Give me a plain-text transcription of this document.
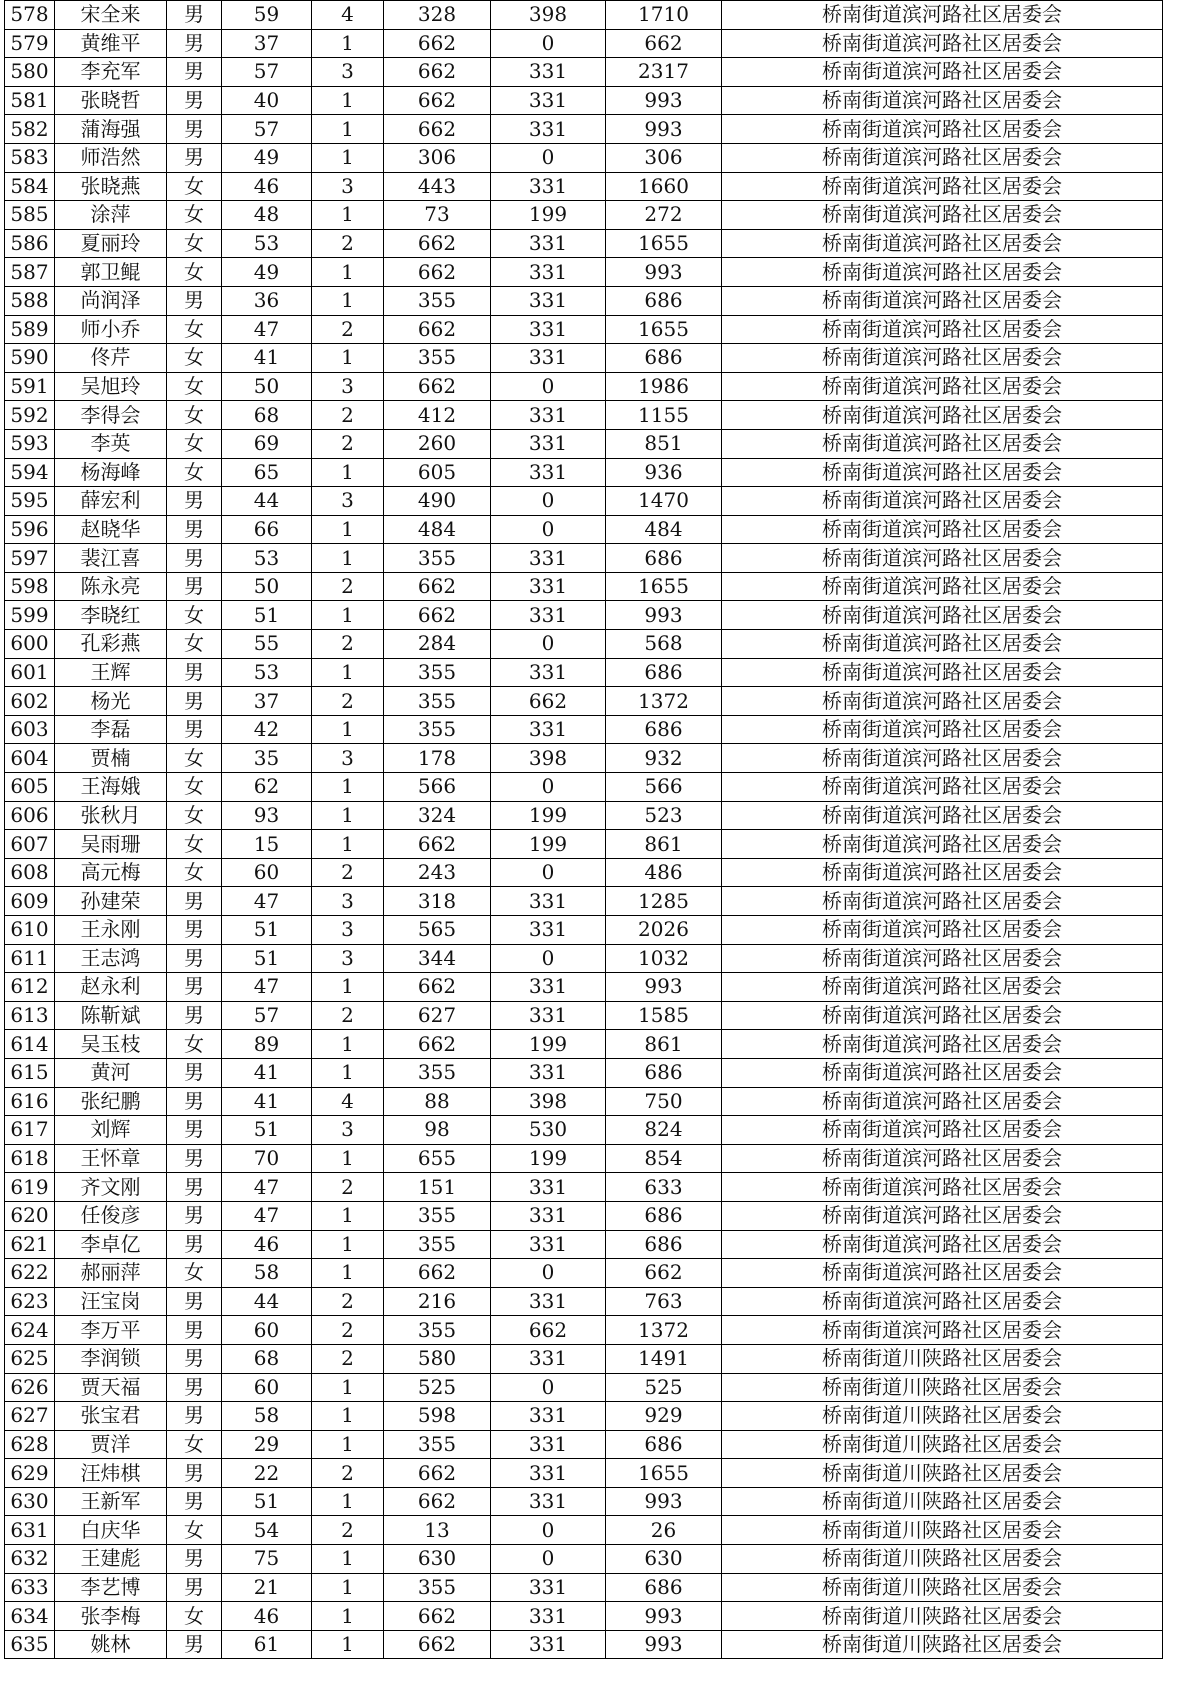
578	宋全来	男	59	4	328	398	1710	桥南街道滨河路社区居委会
579	黄维平	男	37	1	662	0	662	桥南街道滨河路社区居委会
580	李充军	男	57	3	662	331	2317	桥南街道滨河路社区居委会
581	张晓哲	男	40	1	662	331	993	桥南街道滨河路社区居委会
582	蒲海强	男	57	1	662	331	993	桥南街道滨河路社区居委会
583	师浩然	男	49	1	306	0	306	桥南街道滨河路社区居委会
584	张晓燕	女	46	3	443	331	1660	桥南街道滨河路社区居委会
585	涂萍	女	48	1	73	199	272	桥南街道滨河路社区居委会
586	夏丽玲	女	53	2	662	331	1655	桥南街道滨河路社区居委会
587	郭卫鲲	女	49	1	662	331	993	桥南街道滨河路社区居委会
588	尚润泽	男	36	1	355	331	686	桥南街道滨河路社区居委会
589	师小乔	女	47	2	662	331	1655	桥南街道滨河路社区居委会
590	佟芹	女	41	1	355	331	686	桥南街道滨河路社区居委会
591	吴旭玲	女	50	3	662	0	1986	桥南街道滨河路社区居委会
592	李得会	女	68	2	412	331	1155	桥南街道滨河路社区居委会
593	李英	女	69	2	260	331	851	桥南街道滨河路社区居委会
594	杨海峰	女	65	1	605	331	936	桥南街道滨河路社区居委会
595	薛宏利	男	44	3	490	0	1470	桥南街道滨河路社区居委会
596	赵晓华	男	66	1	484	0	484	桥南街道滨河路社区居委会
597	裴江喜	男	53	1	355	331	686	桥南街道滨河路社区居委会
598	陈永亮	男	50	2	662	331	1655	桥南街道滨河路社区居委会
599	李晓红	女	51	1	662	331	993	桥南街道滨河路社区居委会
600	孔彩燕	女	55	2	284	0	568	桥南街道滨河路社区居委会
601	王辉	男	53	1	355	331	686	桥南街道滨河路社区居委会
602	杨光	男	37	2	355	662	1372	桥南街道滨河路社区居委会
603	李磊	男	42	1	355	331	686	桥南街道滨河路社区居委会
604	贾楠	女	35	3	178	398	932	桥南街道滨河路社区居委会
605	王海娥	女	62	1	566	0	566	桥南街道滨河路社区居委会
606	张秋月	女	93	1	324	199	523	桥南街道滨河路社区居委会
607	吴雨珊	女	15	1	662	199	861	桥南街道滨河路社区居委会
608	高元梅	女	60	2	243	0	486	桥南街道滨河路社区居委会
609	孙建荣	男	47	3	318	331	1285	桥南街道滨河路社区居委会
610	王永刚	男	51	3	565	331	2026	桥南街道滨河路社区居委会
611	王志鸿	男	51	3	344	0	1032	桥南街道滨河路社区居委会
612	赵永利	男	47	1	662	331	993	桥南街道滨河路社区居委会
613	陈靳斌	男	57	2	627	331	1585	桥南街道滨河路社区居委会
614	吴玉枝	女	89	1	662	199	861	桥南街道滨河路社区居委会
615	黄河	男	41	1	355	331	686	桥南街道滨河路社区居委会
616	张纪鹏	男	41	4	88	398	750	桥南街道滨河路社区居委会
617	刘辉	男	51	3	98	530	824	桥南街道滨河路社区居委会
618	王怀章	男	70	1	655	199	854	桥南街道滨河路社区居委会
619	齐文刚	男	47	2	151	331	633	桥南街道滨河路社区居委会
620	任俊彦	男	47	1	355	331	686	桥南街道滨河路社区居委会
621	李卓亿	男	46	1	355	331	686	桥南街道滨河路社区居委会
622	郝丽萍	女	58	1	662	0	662	桥南街道滨河路社区居委会
623	汪宝岗	男	44	2	216	331	763	桥南街道滨河路社区居委会
624	李万平	男	60	2	355	662	1372	桥南街道滨河路社区居委会
625	李润锁	男	68	2	580	331	1491	桥南街道川陕路社区居委会
626	贾天福	男	60	1	525	0	525	桥南街道川陕路社区居委会
627	张宝君	男	58	1	598	331	929	桥南街道川陕路社区居委会
628	贾洋	女	29	1	355	331	686	桥南街道川陕路社区居委会
629	汪炜棋	男	22	2	662	331	1655	桥南街道川陕路社区居委会
630	王新军	男	51	1	662	331	993	桥南街道川陕路社区居委会
631	白庆华	女	54	2	13	0	26	桥南街道川陕路社区居委会
632	王建彪	男	75	1	630	0	630	桥南街道川陕路社区居委会
633	李艺博	男	21	1	355	331	686	桥南街道川陕路社区居委会
634	张李梅	女	46	1	662	331	993	桥南街道川陕路社区居委会
635	姚林	男	61	1	662	331	993	桥南街道川陕路社区居委会
